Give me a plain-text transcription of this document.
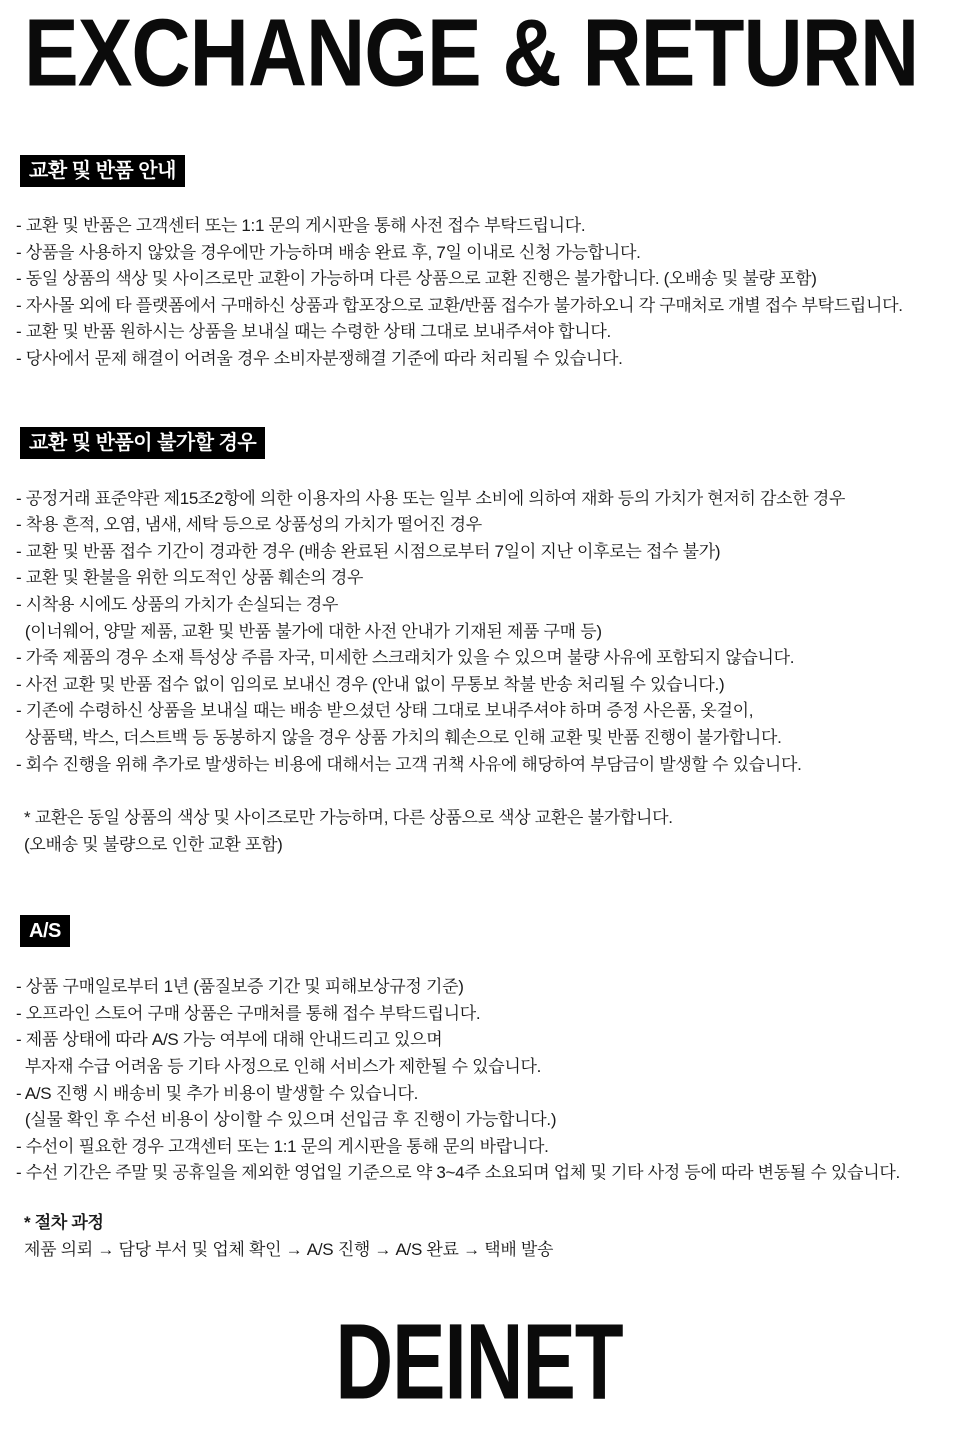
EXCHANGE & RETURN
교환 및 반품 안내
- 교환 및 반품은 고객센터 또는 1:1 문의 게시판을 통해 사전 접수 부탁드립니다.
- 상품을 사용하지 않았을 경우에만 가능하며 배송 완료 후, 7일 이내로 신청 가능합니다.
- 동일 상품의 색상 및 사이즈로만 교환이 가능하며 다른 상품으로 교환 진행은 불가합니다. (오배송 및 불량 포함)
- 자사몰 외에 타 플랫폼에서 구매하신 상품과 합포장으로 교환/반품 접수가 불가하오니 각 구매처로 개별 접수 부탁드립니다.
- 교환 및 반품 원하시는 상품을 보내실 때는 수령한 상태 그대로 보내주셔야 합니다.
- 당사에서 문제 해결이 어려울 경우 소비자분쟁해결 기준에 따라 처리될 수 있습니다.
교환 및 반품이 불가할 경우
- 공정거래 표준약관 제15조2항에 의한 이용자의 사용 또는 일부 소비에 의하여 재화 등의 가치가 현저히 감소한 경우
- 착용 흔적, 오염, 냄새, 세탁 등으로 상품성의 가치가 떨어진 경우
- 교환 및 반품 접수 기간이 경과한 경우 (배송 완료된 시점으로부터 7일이 지난 이후로는 접수 불가)
- 교환 및 환불을 위한 의도적인 상품 훼손의 경우
- 시착용 시에도 상품의 가치가 손실되는 경우
(이너웨어, 양말 제품, 교환 및 반품 불가에 대한 사전 안내가 기재된 제품 구매 등)
- 가죽 제품의 경우 소재 특성상 주름 자국, 미세한 스크래치가 있을 수 있으며 불량 사유에 포함되지 않습니다.
- 사전 교환 및 반품 접수 없이 임의로 보내신 경우 (안내 없이 무통보 착불 반송 처리될 수 있습니다.)
- 기존에 수령하신 상품을 보내실 때는 배송 받으셨던 상태 그대로 보내주셔야 하며 증정 사은품, 옷걸이,
상품택, 박스, 더스트백 등 동봉하지 않을 경우 상품 가치의 훼손으로 인해 교환 및 반품 진행이 불가합니다.
- 회수 진행을 위해 추가로 발생하는 비용에 대해서는 고객 귀책 사유에 해당하여 부담금이 발생할 수 있습니다.
* 교환은 동일 상품의 색상 및 사이즈로만 가능하며, 다른 상품으로 색상 교환은 불가합니다.
(오배송 및 불량으로 인한 교환 포함)
A/S
- 상품 구매일로부터 1년 (품질보증 기간 및 피해보상규정 기준)
- 오프라인 스토어 구매 상품은 구매처를 통해 접수 부탁드립니다.
- 제품 상태에 따라 A/S 가능 여부에 대해 안내드리고 있으며
부자재 수급 어려움 등 기타 사정으로 인해 서비스가 제한될 수 있습니다.
- A/S 진행 시 배송비 및 추가 비용이 발생할 수 있습니다.
(실물 확인 후 수선 비용이 상이할 수 있으며 선입금 후 진행이 가능합니다.)
- 수선이 필요한 경우 고객센터 또는 1:1 문의 게시판을 통해 문의 바랍니다.
- 수선 기간은 주말 및 공휴일을 제외한 영업일 기준으로 약 3~4주 소요되며 업체 및 기타 사정 등에 따라 변동될 수 있습니다.
* 절차 과정
제품 의뢰 → 담당 부서 및 업체 확인 → A/S 진행 → A/S 완료 → 택배 발송
DEINET
